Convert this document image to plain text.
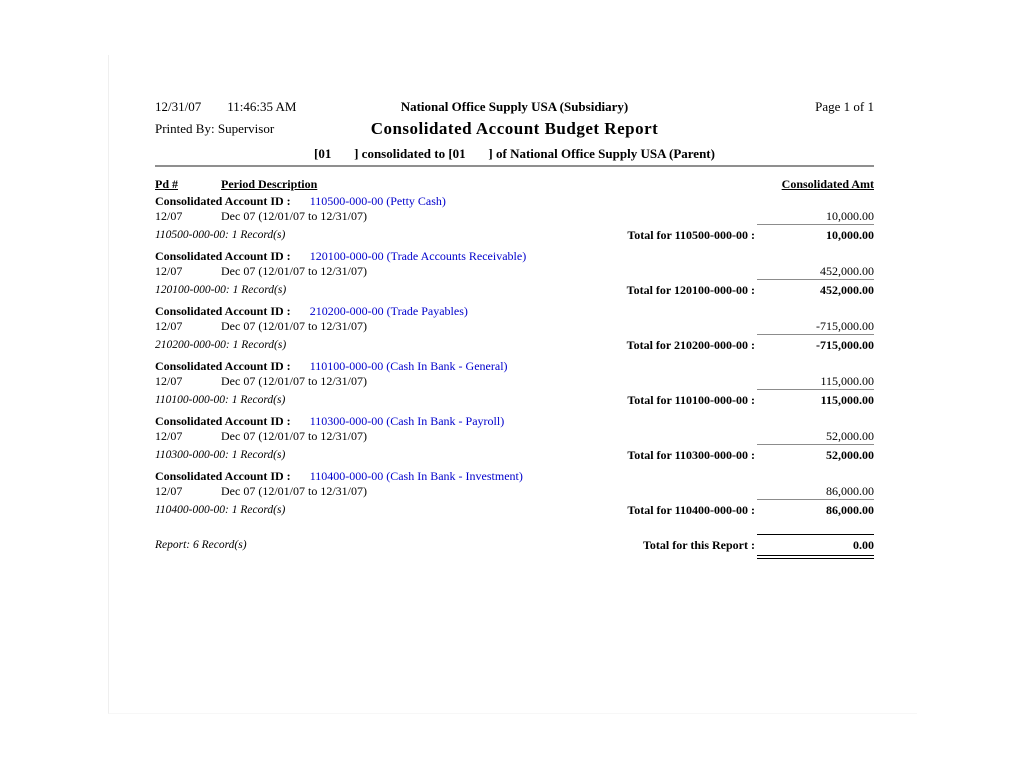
12/31/07 11:46:35 AM	National Office Supply USA (Subsidiary)	Page 1 of 1
Printed By: Supervisor	Consolidated Account Budget Report
[01       ] consolidated to [01       ] of National Office Supply USA (Parent)
Pd #	Period Description	Consolidated Amt
Consolidated Account ID : 110500-000-00 (Petty Cash)
12/07	Dec 07 (12/01/07 to 12/31/07)	10,000.00
110500-000-00: 1 Record(s)	Total for 110500-000-00 :	10,000.00
Consolidated Account ID : 120100-000-00 (Trade Accounts Receivable)
12/07	Dec 07 (12/01/07 to 12/31/07)	452,000.00
120100-000-00: 1 Record(s)	Total for 120100-000-00 :	452,000.00
Consolidated Account ID : 210200-000-00 (Trade Payables)
12/07	Dec 07 (12/01/07 to 12/31/07)	-715,000.00
210200-000-00: 1 Record(s)	Total for 210200-000-00 :	-715,000.00
Consolidated Account ID : 110100-000-00 (Cash In Bank - General)
12/07	Dec 07 (12/01/07 to 12/31/07)	115,000.00
110100-000-00: 1 Record(s)	Total for 110100-000-00 :	115,000.00
Consolidated Account ID : 110300-000-00 (Cash In Bank - Payroll)
12/07	Dec 07 (12/01/07 to 12/31/07)	52,000.00
110300-000-00: 1 Record(s)	Total for 110300-000-00 :	52,000.00
Consolidated Account ID : 110400-000-00 (Cash In Bank - Investment)
12/07	Dec 07 (12/01/07 to 12/31/07)	86,000.00
110400-000-00: 1 Record(s)	Total for 110400-000-00 :	86,000.00
Report: 6 Record(s)	Total for this Report :	0.00
